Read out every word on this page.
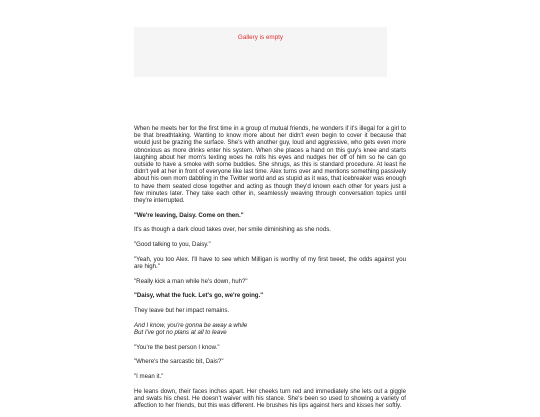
Gallery is empty

When he meets her for the first time in a group of mutual friends, he wonders if it's illegal for a girl to be that breathtaking. Wanting to know more about her didn't even begin to cover it because that would just be grazing the surface. She's with another guy, loud and aggressive, who gets even more obnoxious as more drinks enter his system. When she places a hand on this guy's knee and starts laughing about her mom's texting woes he rolls his eyes and nudges her off of him so he can go outside to have a smoke with some buddies. She shrugs, as this is standard procedure. At least he didn't yell at her in front of everyone like last time. Alex turns over and mentions something passively about his own mom dabbling in the Twitter world and as stupid as it was, that icebreaker was enough to have them seated close together and acting as though they'd known each other for years just a few minutes later. They take each other in, seamlessly weaving through conversation topics until they're interrupted.

"We're leaving, Daisy. Come on then."

It's as though a dark cloud takes over, her smile diminishing as she nods.

"Good talking to you, Daisy."

"Yeah, you too Alex. I'll have to see which Milligan is worthy of my first tweet, the odds against you are high."

"Really kick a man while he's down, huh?"

"Daisy, what the fuck. Let's go, we're going."

They leave but her impact remains.

And I know, you're gonna be away a while
But I've got no plans at all to leave

"You're the best person I know."

"Where's the sarcastic bit, Dais?"

"I mean it."

He leans down, their faces inches apart. Her cheeks turn red and immediately she lets out a giggle and swats his chest. He doesn't waiver with his stance. She's been so used to showing a variety of affection to her friends, but this was different. He brushes his lips against hers and kisses her softly.
